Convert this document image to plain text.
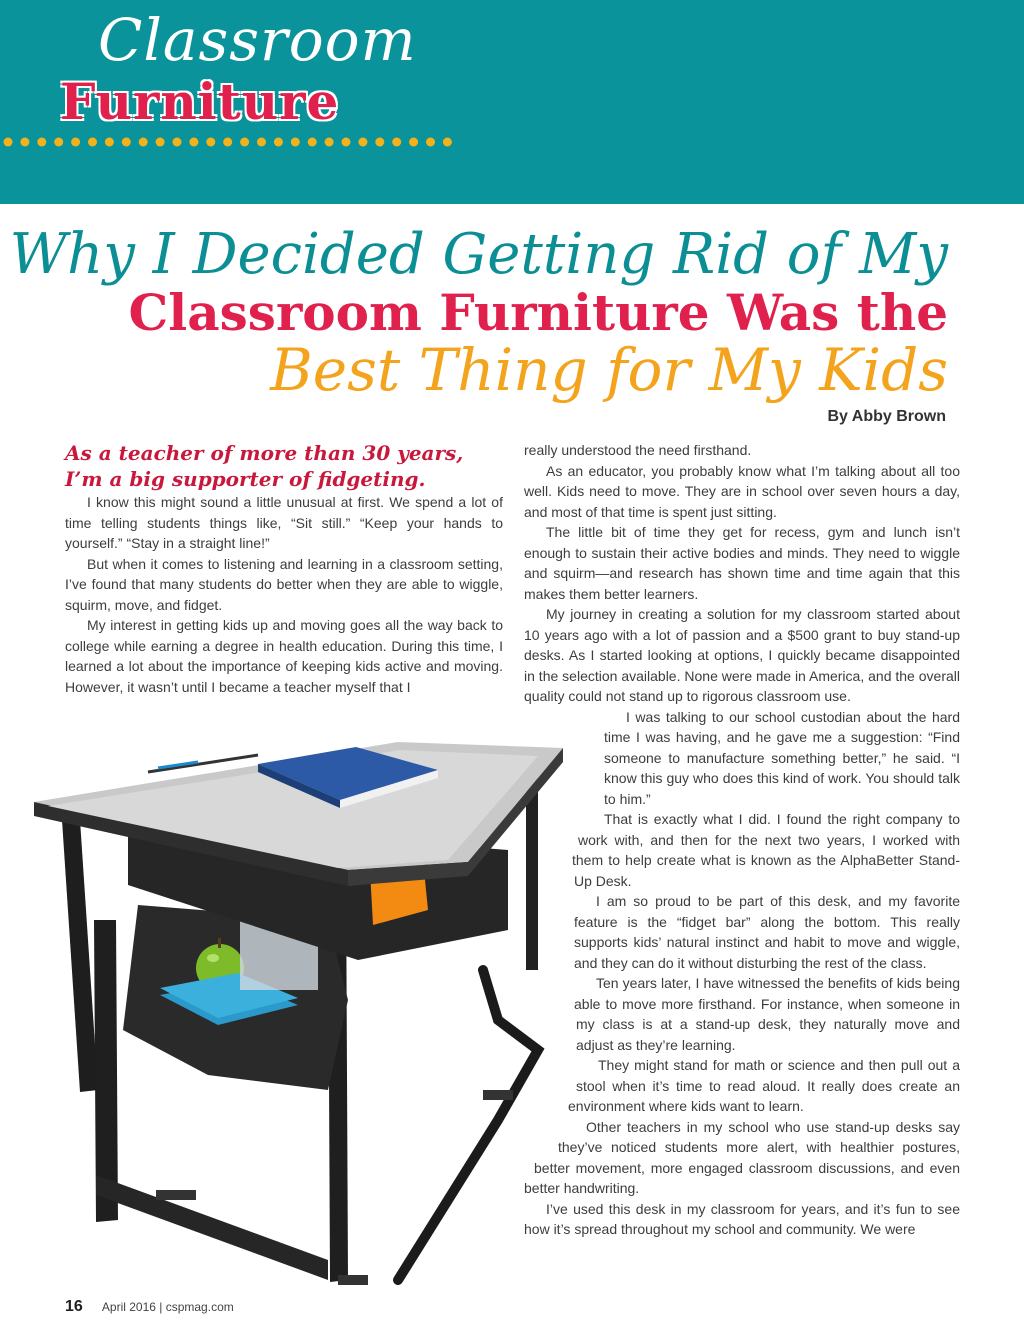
Classroom
Furniture
Why I Decided Getting Rid of My
Classroom Furniture Was the
Best Thing for My Kids
By Abby Brown
As a teacher of more than 30 years, I’m a big supporter of fidgeting.

I know this might sound a little unusual at first. We spend a lot of time telling students things like, “Sit still.” “Keep your hands to yourself.” “Stay in a straight line!”

But when it comes to listening and learning in a classroom setting, I’ve found that many students do better when they are able to wiggle, squirm, move, and fidget.

My interest in getting kids up and moving goes all the way back to college while earning a degree in health education. During this time, I learned a lot about the importance of keeping kids active and moving. However, it wasn’t until I became a teacher myself that I

really understood the need firsthand.

As an educator, you probably know what I’m talking about all too well. Kids need to move. They are in school over seven hours a day, and most of that time is spent just sitting.

The little bit of time they get for recess, gym and lunch isn’t enough to sustain their active bodies and minds. They need to wiggle and squirm—and research has shown time and time again that this makes them better learners.

My journey in creating a solution for my classroom started about 10 years ago with a lot of passion and a $500 grant to buy stand-up desks. As I started looking at options, I quickly became disappointed in the selection available. None were made in America, and the overall quality could not stand up to rigorous classroom use.

I was talking to our school custodian about the hard time I was having, and he gave me a suggestion: “Find someone to manufacture something better,” he said. “I know this guy who does this kind of work. You should talk to him.”

That is exactly what I did. I found the right company to work with, and then for the next two years, I worked with them to help create what is known as the AlphaBetter Stand-Up Desk.

I am so proud to be part of this desk, and my favorite feature is the “fidget bar” along the bottom. This really supports kids’ natural instinct and habit to move and wiggle, and they can do it without disturbing the rest of the class.

Ten years later, I have witnessed the benefits of kids being able to move more firsthand. For instance, when someone in my class is at a stand-up desk, they naturally move and adjust as they’re learning.

They might stand for math or science and then pull out a stool when it’s time to read aloud. It really does create an environment where kids want to learn.

Other teachers in my school who use stand-up desks say they’ve noticed students more alert, with healthier postures, better movement, more engaged classroom discussions, and even better handwriting.

I’ve used this desk in my classroom for years, and it’s fun to see how it’s spread throughout my school and community. We were

16 April 2016 | cspmag.com
